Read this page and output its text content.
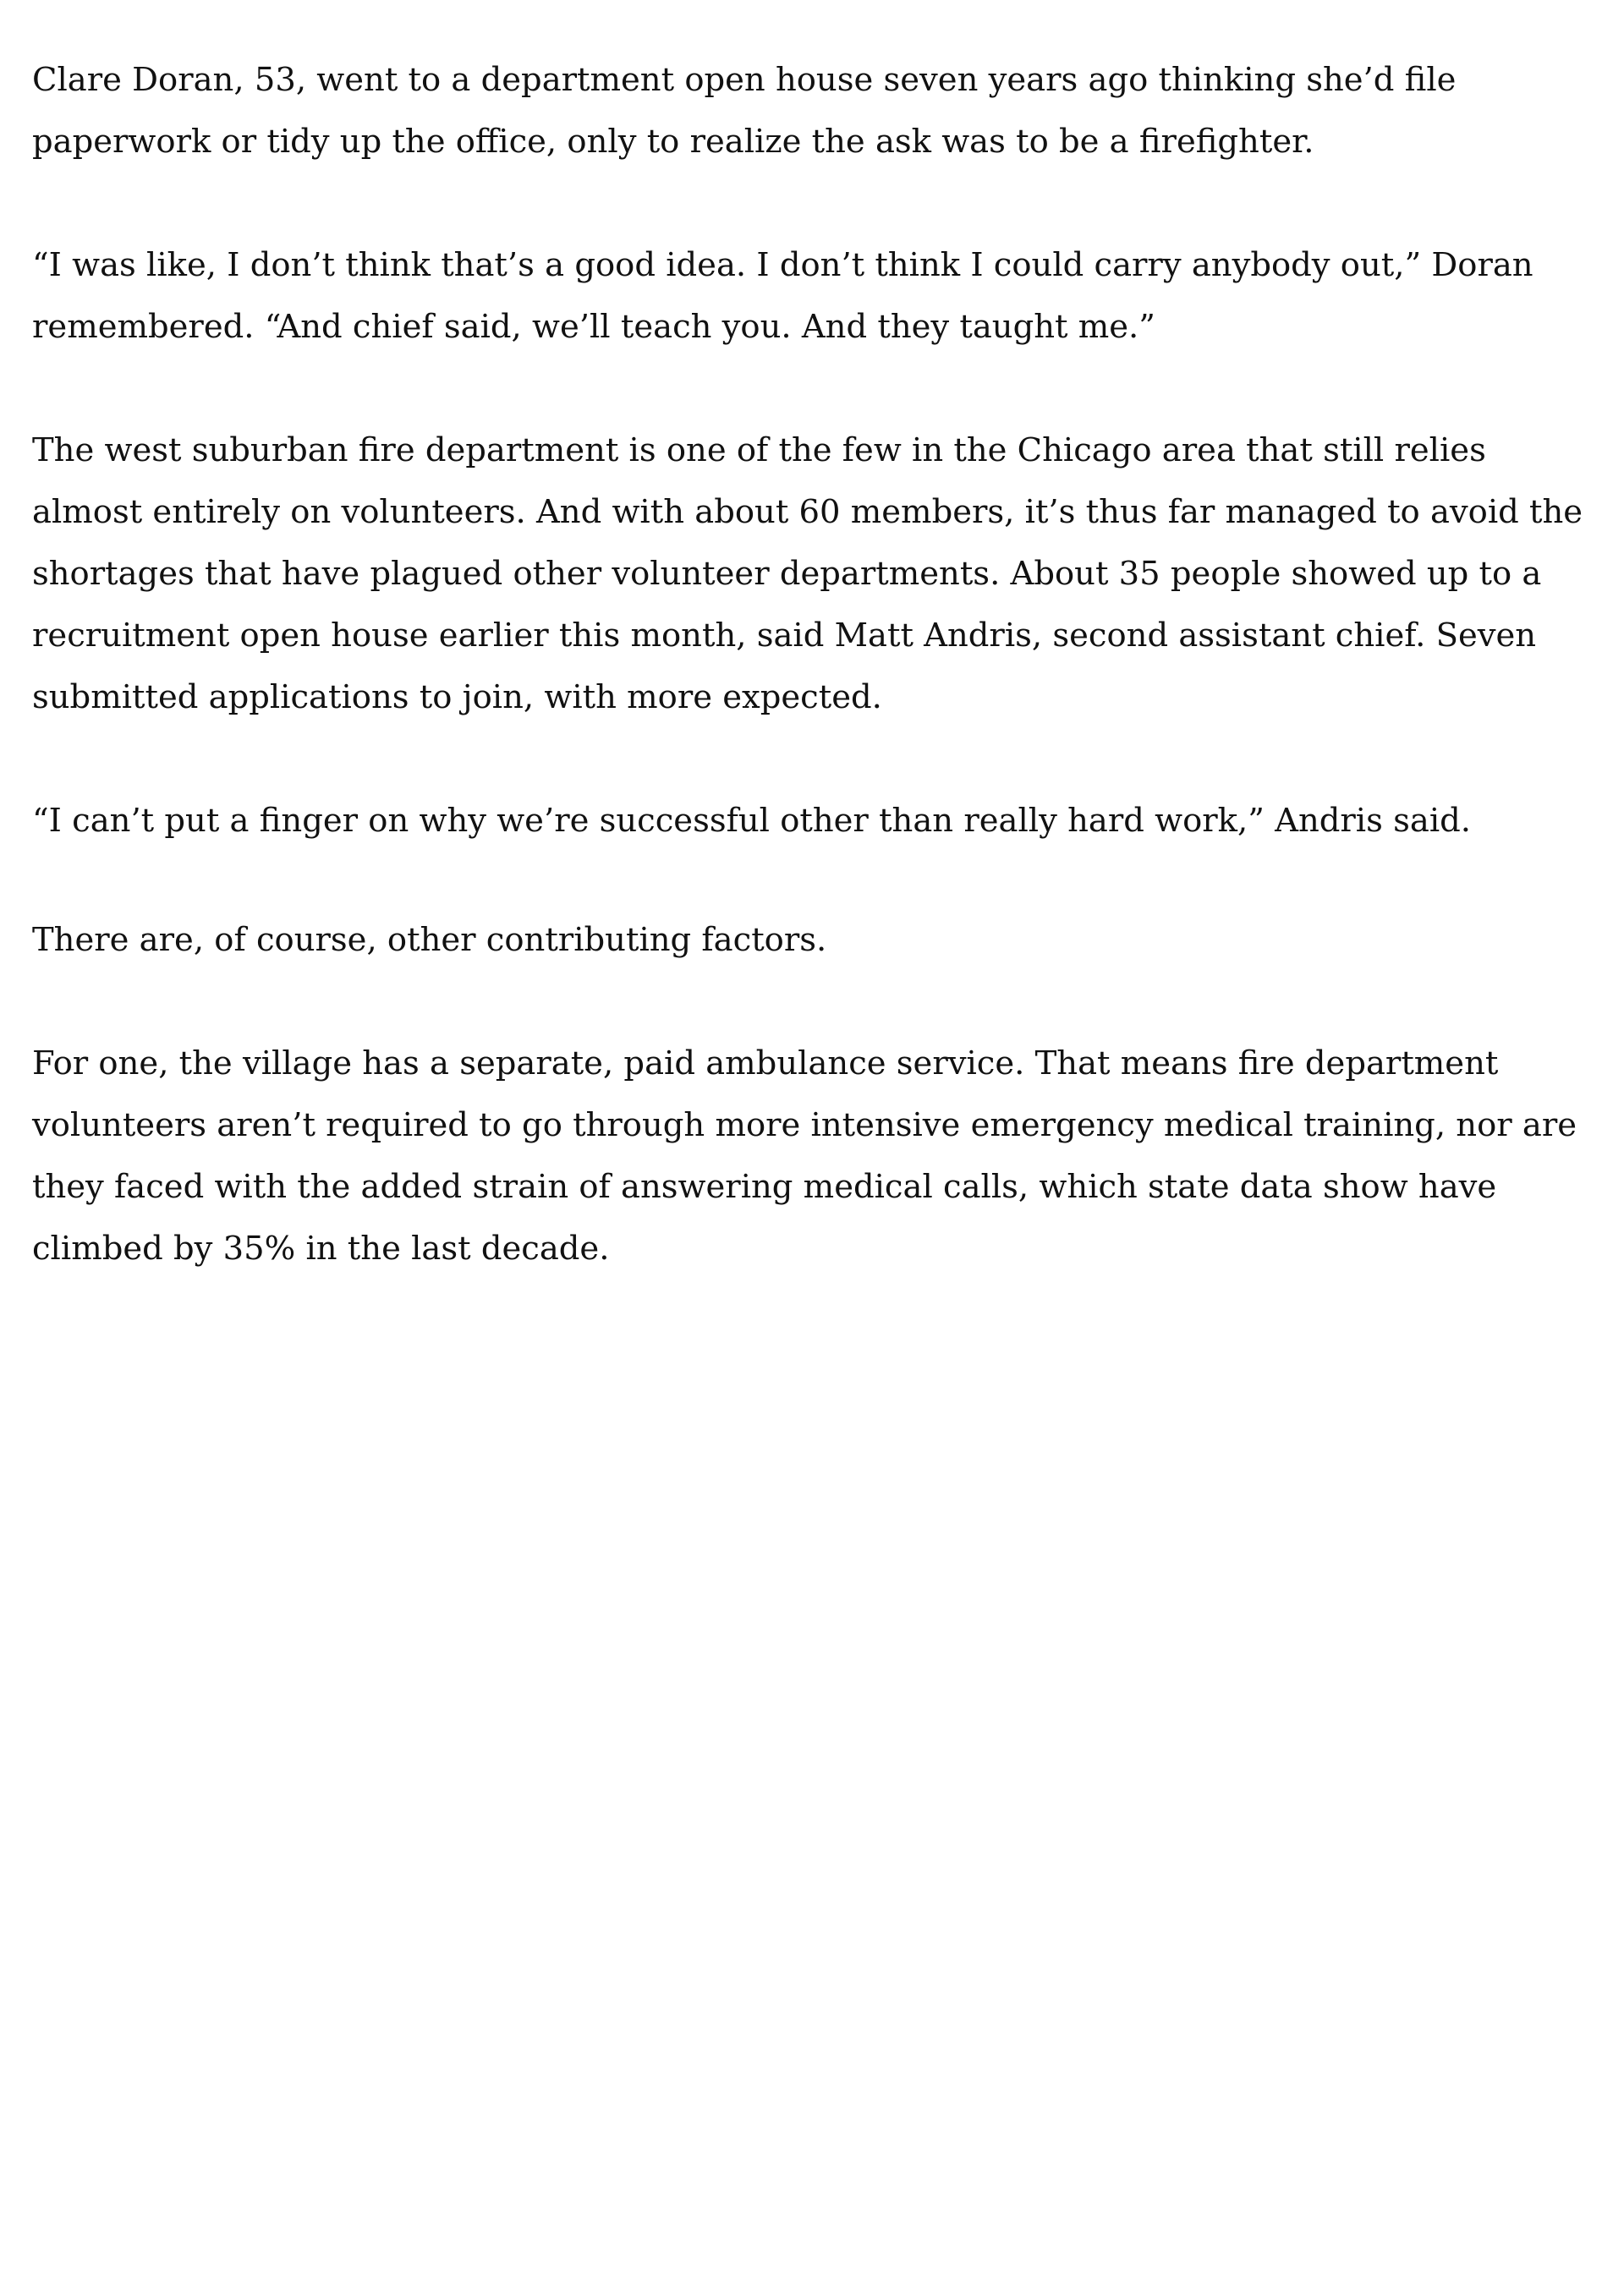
Clare Doran, 53, went to a department open house seven years ago thinking she’d file paperwork or tidy up the office, only to realize the ask was to be a firefighter.

“I was like, I don’t think that’s a good idea. I don’t think I could carry anybody out,” Doran remembered. “And chief said, we’ll teach you. And they taught me.”

The west suburban fire department is one of the few in the Chicago area that still relies almost entirely on volunteers. And with about 60 members, it’s thus far managed to avoid the shortages that have plagued other volunteer departments. About 35 people showed up to a recruitment open house earlier this month, said Matt Andris, second assistant chief. Seven submitted applications to join, with more expected.

“I can’t put a finger on why we’re successful other than really hard work,” Andris said.

There are, of course, other contributing factors.

For one, the village has a separate, paid ambulance service. That means fire department volunteers aren’t required to go through more intensive emergency medical training, nor are they faced with the added strain of answering medical calls, which state data show have climbed by 35% in the last decade.
